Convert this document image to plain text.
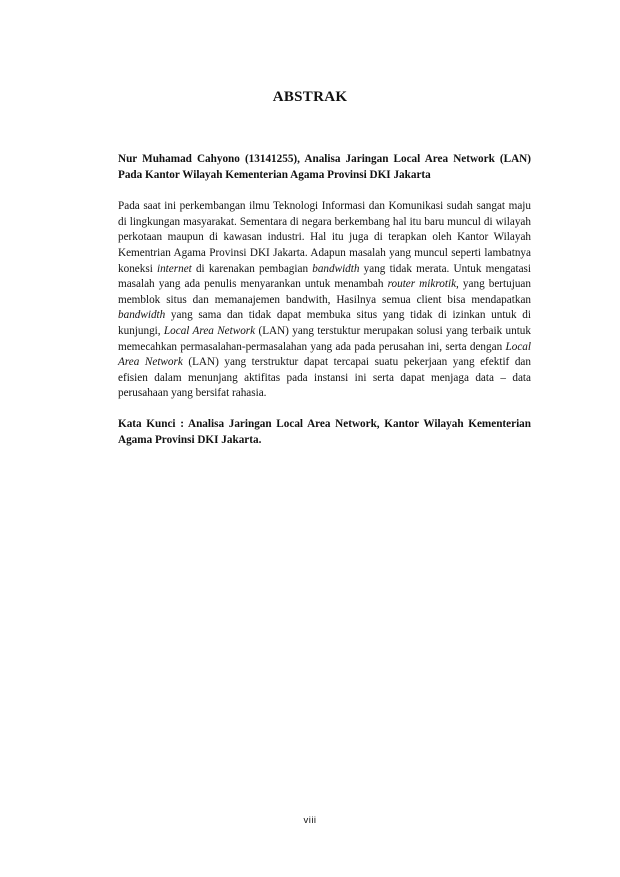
ABSTRAK

Nur Muhamad Cahyono (13141255), Analisa Jaringan Local Area Network (LAN) Pada Kantor Wilayah Kementerian Agama Provinsi DKI Jakarta

Pada saat ini perkembangan ilmu Teknologi Informasi dan Komunikasi sudah sangat maju di lingkungan masyarakat. Sementara di negara berkembang hal itu baru muncul di wilayah perkotaan maupun di kawasan industri. Hal itu juga di terapkan oleh Kantor Wilayah Kementrian Agama Provinsi DKI Jakarta. Adapun masalah yang muncul seperti lambatnya koneksi internet di karenakan pembagian bandwidth yang tidak merata. Untuk mengatasi masalah yang ada penulis menyarankan untuk menambah router mikrotik, yang bertujuan memblok situs dan memanajemen bandwith, Hasilnya semua client bisa mendapatkan bandwidth yang sama dan tidak dapat membuka situs yang tidak di izinkan untuk di kunjungi, Local Area Network (LAN) yang terstuktur merupakan solusi yang terbaik untuk memecahkan permasalahan-permasalahan yang ada pada perusahan ini, serta dengan Local Area Network (LAN) yang terstruktur dapat tercapai suatu pekerjaan yang efektif dan efisien dalam menunjang aktifitas pada instansi ini serta dapat menjaga data – data perusahaan yang bersifat rahasia.

Kata Kunci : Analisa Jaringan Local Area Network, Kantor Wilayah Kementerian Agama Provinsi DKI Jakarta.

viii
